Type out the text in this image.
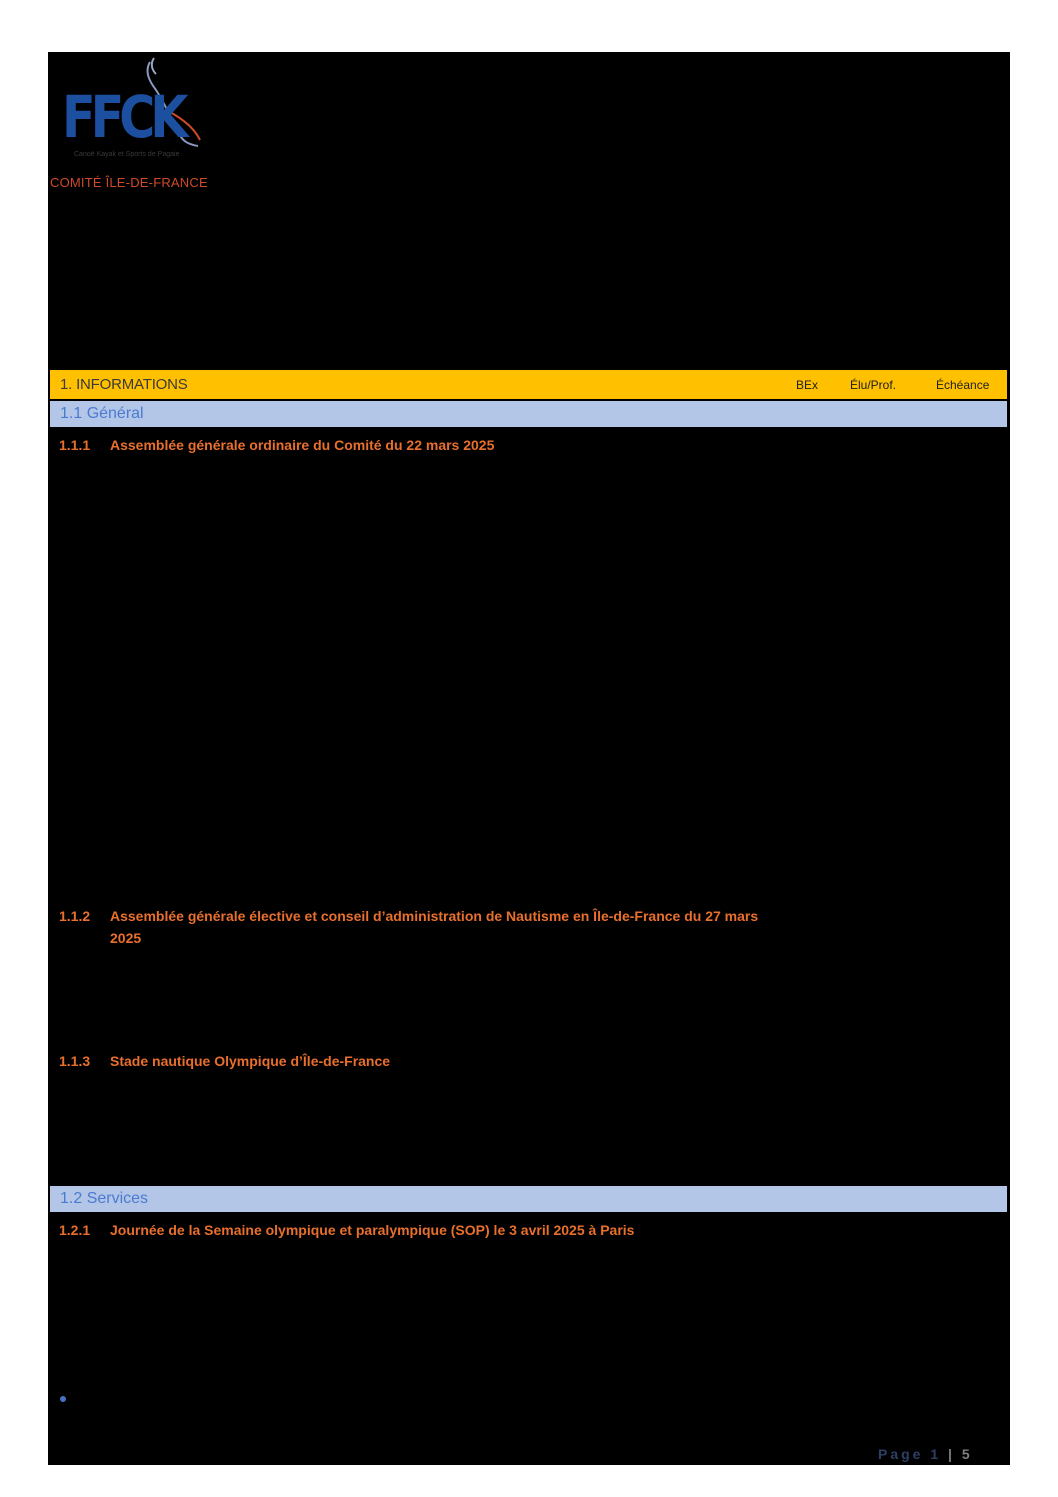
FFCK
Canoë Kayak et Sports de Pagaie
COMITÉ ÎLE-DE-FRANCE
1. INFORMATIONS	BEx	Élu/Prof.	Échéance
1.1 Général
1.1.1	Assemblée générale ordinaire du Comité du 22 mars 2025
1.1.2	Assemblée générale élective et conseil d’administration de Nautisme en Île-de-France du 27 mars 2025
1.1.3	Stade nautique Olympique d’Île-de-France
1.2 Services
1.2.1	Journée de la Semaine olympique et paralympique (SOP) le 3 avril 2025 à Paris
Page 1 | 5
